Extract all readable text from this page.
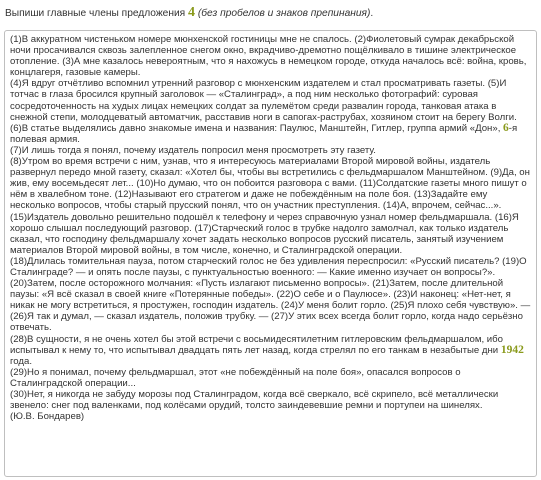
Выпиши главные члены предложения 4 (без пробелов и знаков препинания).

(1)В аккуратном чистеньком номере мюнхенской гостиницы мне не спалось. (2)Фиолетовый сумрак декабрьской ночи просачивался сквозь залепленное снегом окно, вкрадчиво-дремотно пощёлкивало в тишине электрическое отопление. (3)А мне казалось невероятным, что я нахожусь в немецком городе, откуда началось всё: война, кровь, концлагеря, газовые камеры.

(4)Я вдруг отчётливо вспомнил утренний разговор с мюнхенским издателем и стал просматривать газеты. (5)И тотчас в глаза бросился крупный заголовок — «Сталинград», а под ним несколько фотографий: суровая сосредоточенность на худых лицах немецких солдат за пулемётом среди развалин города, танковая атака в снежной степи, молодцеватый автоматчик, расставив ноги в сапогах-раструбах, хозяином стоит на берегу Волги.

(6)В статье выделялись давно знакомые имена и названия: Паулюс, Манштейн, Гитлер, группа армий «Дон», 6-я полевая армия.

(7)И лишь тогда я понял, почему издатель попросил меня просмотреть эту газету.

(8)Утром во время встречи с ним, узнав, что я интересуюсь материалами Второй мировой войны, издатель развернул передо мной газету, сказал: «Хотел бы, чтобы вы встретились с фельдмаршалом Манштейном. (9)Да, он жив, ему восемьдесят лет... (10)Но думаю, что он побоится разговора с вами. (11)Солдатские газеты много пишут о нём в хвалебном тоне. (12)Называют его стратегом и даже не побеждённым на поле боя. (13)Задайте ему несколько вопросов, чтобы старый прусский понял, что он участник преступления. (14)А, впрочем, сейчас...».

(15)Издатель довольно решительно подошёл к телефону и через справочную узнал номер фельдмаршала. (16)Я хорошо слышал последующий разговор. (17)Старческий голос в трубке надолго замолчал, как только издатель сказал, что господину фельдмаршалу хочет задать несколько вопросов русский писатель, занятый изучением материалов Второй мировой войны, в том числе, конечно, и Сталинградской операции.

(18)Длилась томительная пауза, потом старческий голос не без удивления переспросил: «Русский писатель? (19)О Сталинграде? — и опять после паузы, с пунктуальностью военного: — Какие именно изучает он вопросы?».

(20)Затем, после осторожного молчания: «Пусть излагают письменно вопросы». (21)Затем, после длительной паузы: «Я всё сказал в своей книге «Потерянные победы». (22)О себе и о Паулюсе». (23)И наконец: «Нет-нет, я никак не могу встретиться, я простужен, господин издатель. (24)У меня болит горло. (25)Я плохо себя чувствую». — (26)Я так и думал, — сказал издатель, положив трубку. — (27)У этих всех всегда болит горло, когда надо серьёзно отвечать.

(28)В сущности, я не очень хотел бы этой встречи с восьмидесятилетним гитлеровским фельдмаршалом, ибо испытывал к нему то, что испытывал двадцать пять лет назад, когда стрелял по его танкам в незабытые дни 1942 года.

(29)Но я понимал, почему фельдмаршал, этот «не побеждённый на поле боя», опасался вопросов о Сталинградской операции...

(30)Нет, я никогда не забуду морозы под Сталинградом, когда всё сверкало, всё скрипело, всё металлически звенело: снег под валенками, под колёсами орудий, толсто заиндевевшие ремни и портупеи на шинелях.

(Ю.В. Бондарев)
